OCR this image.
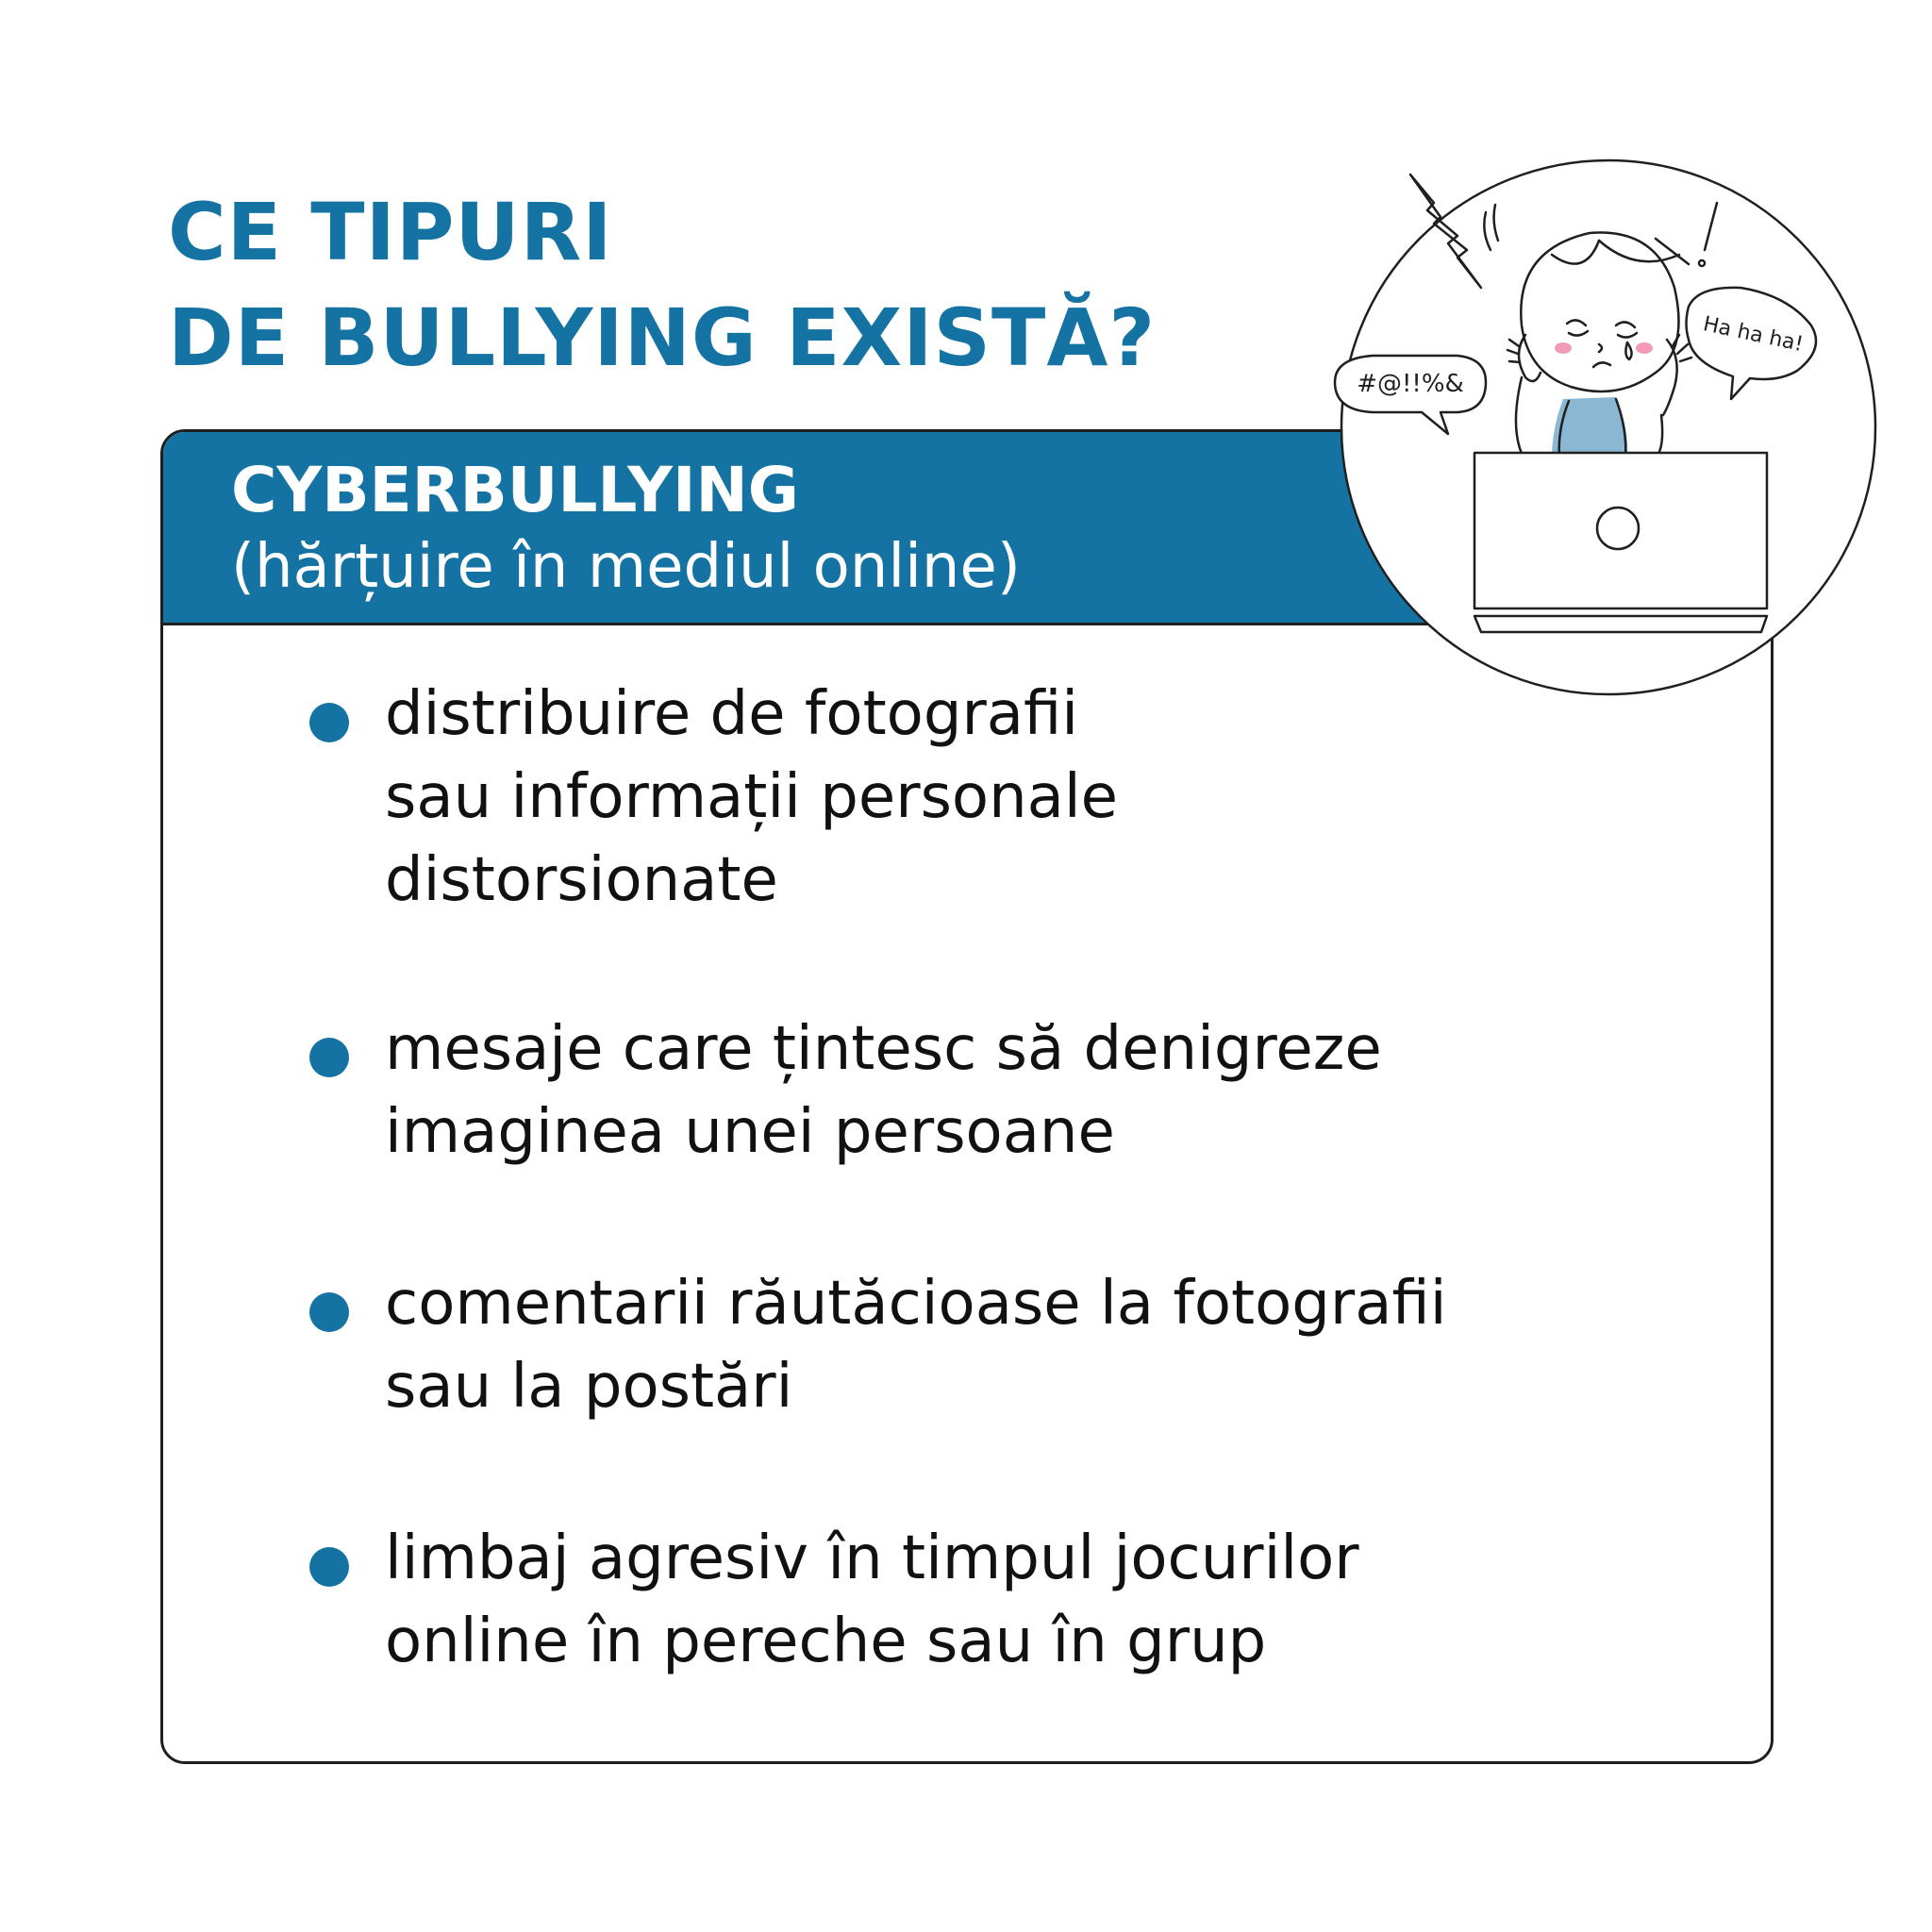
CE TIPURI
DE BULLYING EXISTĂ?
CYBERBULLYING
(hărțuire în mediul online)

distribuire de fotografii
sau informații personale
distorsionate

mesaje care țintesc să denigreze
imaginea unei persoane

comentarii răutăcioase la fotografii
sau la postări

limbaj agresiv în timpul jocurilor
online în pereche sau în grup

#@!!%&
Ha ha ha!
